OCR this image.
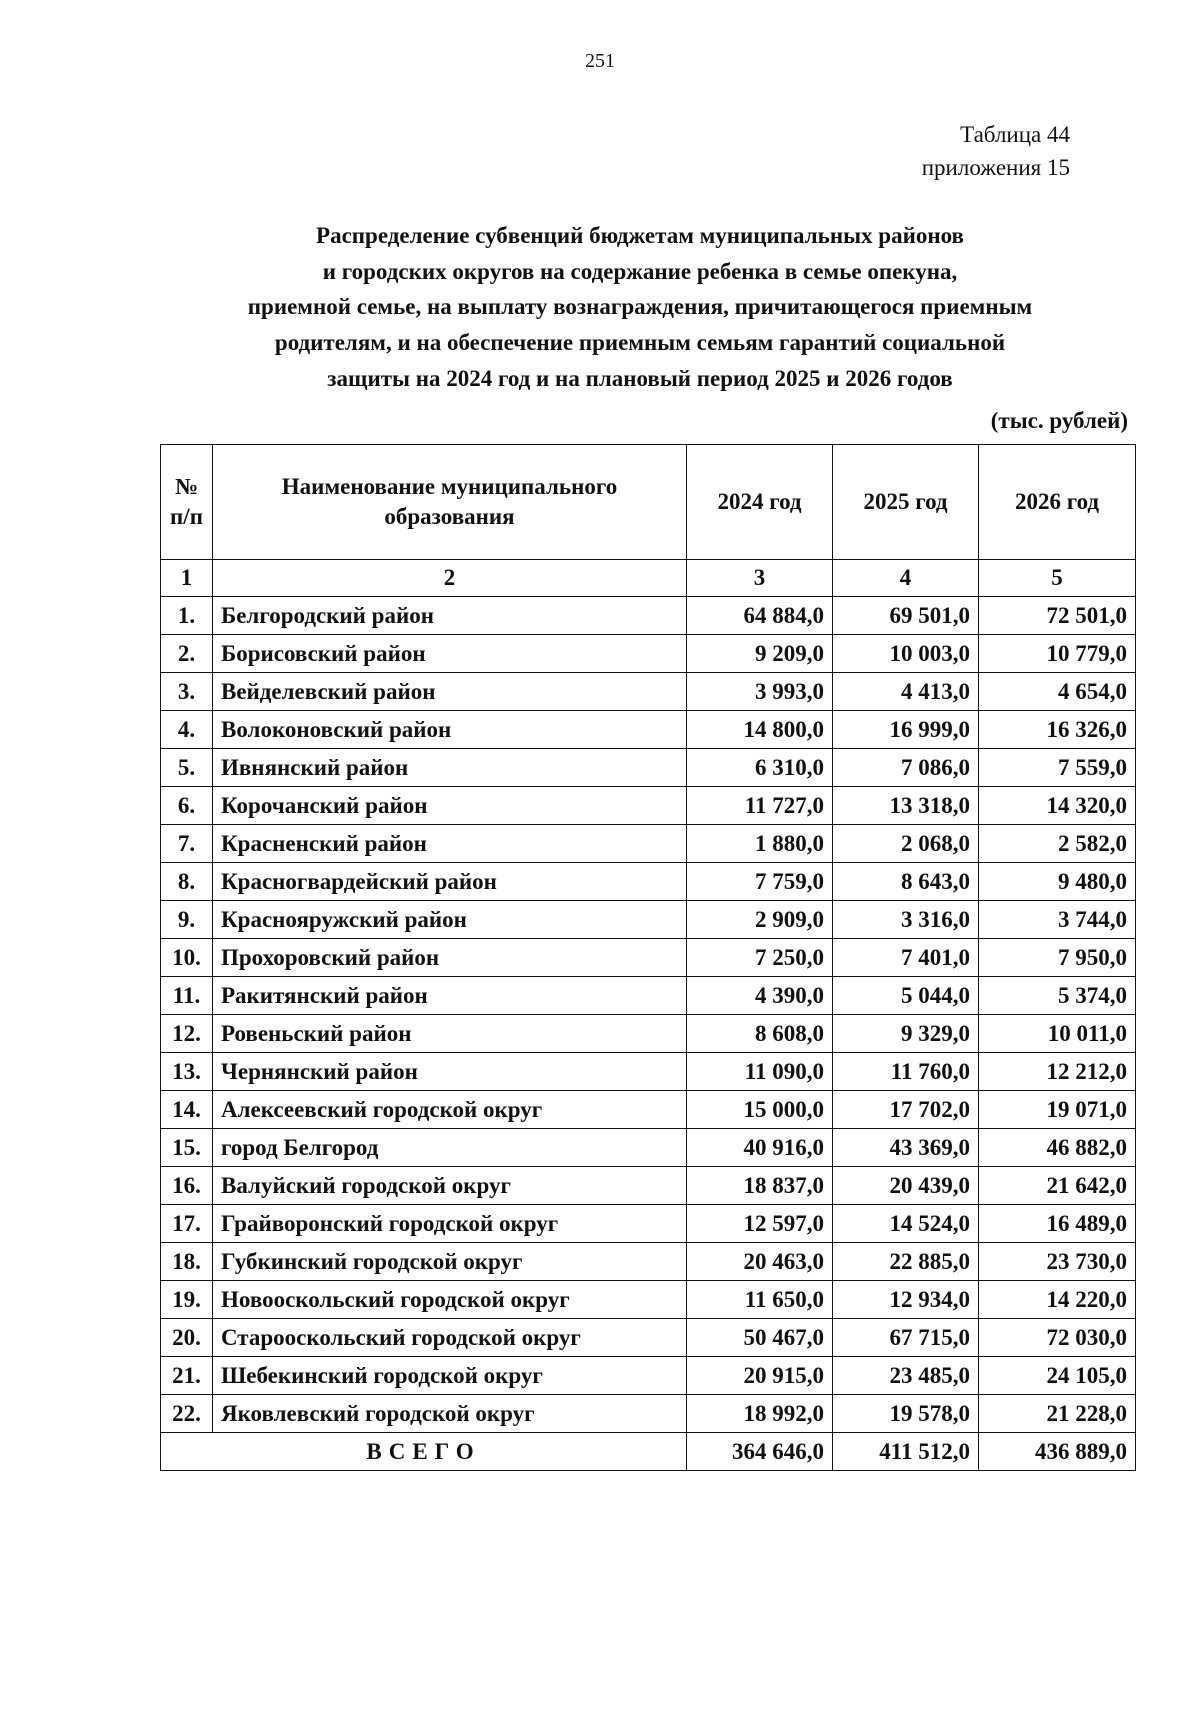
251
Таблица 44
приложения 15
Распределение субвенций бюджетам муниципальных районов
и городских округов на содержание ребенка в семье опекуна,
приемной семье, на выплату вознаграждения, причитающегося приемным
родителям, и на обеспечение приемным семьям гарантий социальной
защиты на 2024 год и на плановый период 2025 и 2026 годов
(тыс. рублей)
№ п/п	Наименование муниципального образования	2024 год	2025 год	2026 год
1	2	3	4	5
1.	Белгородский район	64 884,0	69 501,0	72 501,0
2.	Борисовский район	9 209,0	10 003,0	10 779,0
3.	Вейделевский район	3 993,0	4 413,0	4 654,0
4.	Волоконовский район	14 800,0	16 999,0	16 326,0
5.	Ивнянский район	6 310,0	7 086,0	7 559,0
6.	Корочанский район	11 727,0	13 318,0	14 320,0
7.	Красненский район	1 880,0	2 068,0	2 582,0
8.	Красногвардейский район	7 759,0	8 643,0	9 480,0
9.	Краснояружский район	2 909,0	3 316,0	3 744,0
10.	Прохоровский район	7 250,0	7 401,0	7 950,0
11.	Ракитянский район	4 390,0	5 044,0	5 374,0
12.	Ровеньский район	8 608,0	9 329,0	10 011,0
13.	Чернянский район	11 090,0	11 760,0	12 212,0
14.	Алексеевский городской округ	15 000,0	17 702,0	19 071,0
15.	город Белгород	40 916,0	43 369,0	46 882,0
16.	Валуйский городской округ	18 837,0	20 439,0	21 642,0
17.	Грайворонский городской округ	12 597,0	14 524,0	16 489,0
18.	Губкинский городской округ	20 463,0	22 885,0	23 730,0
19.	Новооскольский городской округ	11 650,0	12 934,0	14 220,0
20.	Старооскольский городской округ	50 467,0	67 715,0	72 030,0
21.	Шебекинский городской округ	20 915,0	23 485,0	24 105,0
22.	Яковлевский городской округ	18 992,0	19 578,0	21 228,0
ВСЕГО		364 646,0	411 512,0	436 889,0
